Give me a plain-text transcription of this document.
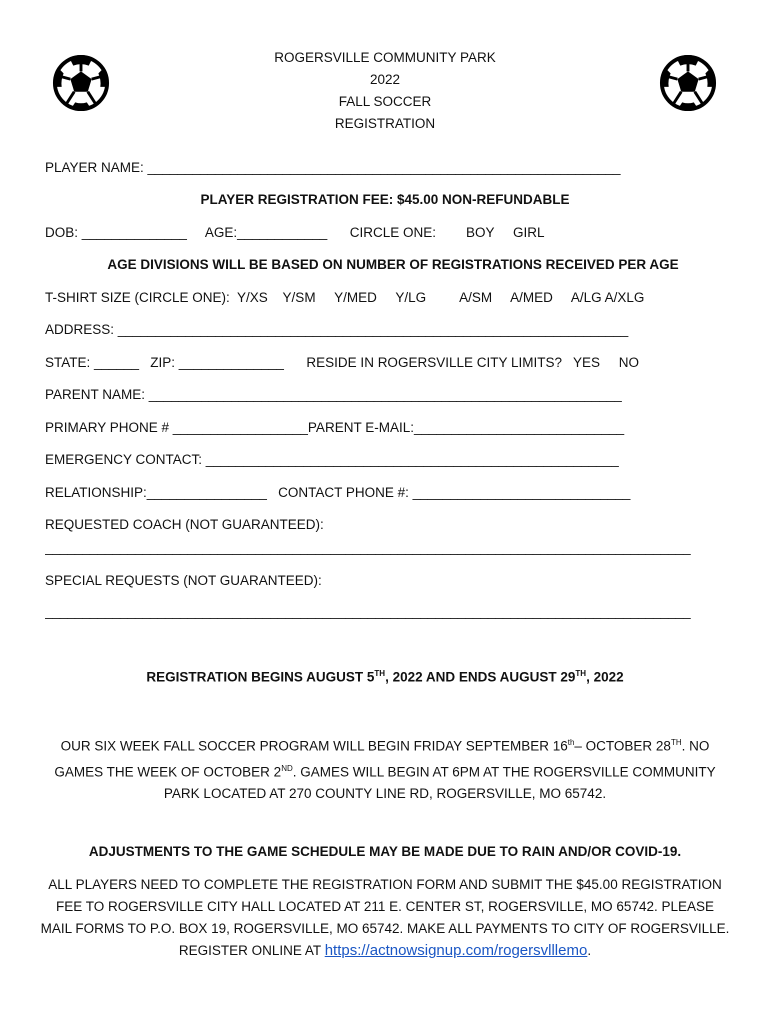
ROGERSVILLE COMMUNITY PARK
2022
FALL SOCCER
REGISTRATION
PLAYER NAME: _______________________________________________________________
PLAYER REGISTRATION FEE: $45.00 NON-REFUNDABLE
DOB: ______________     AGE:____________      CIRCLE ONE:        BOY     GIRL
AGE DIVISIONS WILL BE BASED ON NUMBER OF REGISTRATIONS RECEIVED PER AGE
T-SHIRT SIZE (CIRCLE ONE):  Y/XS    Y/SM     Y/MED     Y/LG         A/SM     A/MED     A/LG A/XLG
ADDRESS: ____________________________________________________________________
STATE: ______   ZIP: ______________      RESIDE IN ROGERSVILLE CITY LIMITS?   YES     NO
PARENT NAME: _______________________________________________________________
PRIMARY PHONE # __________________PARENT E-MAIL:____________________________
EMERGENCY CONTACT: _______________________________________________________
RELATIONSHIP:________________   CONTACT PHONE #: _____________________________
REQUESTED COACH (NOT GUARANTEED):
______________________________________________________________________________________
SPECIAL REQUESTS (NOT GUARANTEED):
______________________________________________________________________________________
REGISTRATION BEGINS AUGUST 5TH, 2022 AND ENDS AUGUST 29TH, 2022
OUR SIX WEEK FALL SOCCER PROGRAM WILL BEGIN FRIDAY SEPTEMBER 16th– OCTOBER 28TH. NO GAMES THE WEEK OF OCTOBER 2ND. GAMES WILL BEGIN AT 6PM AT THE ROGERSVILLE COMMUNITY PARK LOCATED AT 270 COUNTY LINE RD, ROGERSVILLE, MO 65742.
ADJUSTMENTS TO THE GAME SCHEDULE MAY BE MADE DUE TO RAIN AND/OR COVID-19.
ALL PLAYERS NEED TO COMPLETE THE REGISTRATION FORM AND SUBMIT THE $45.00 REGISTRATION FEE TO ROGERSVILLE CITY HALL LOCATED AT 211 E. CENTER ST, ROGERSVILLE, MO 65742. PLEASE MAIL FORMS TO P.O. BOX 19, ROGERSVILLE, MO 65742. MAKE ALL PAYMENTS TO CITY OF ROGERSVILLE. REGISTER ONLINE AT https://actnowsignup.com/rogersvlllemo.
